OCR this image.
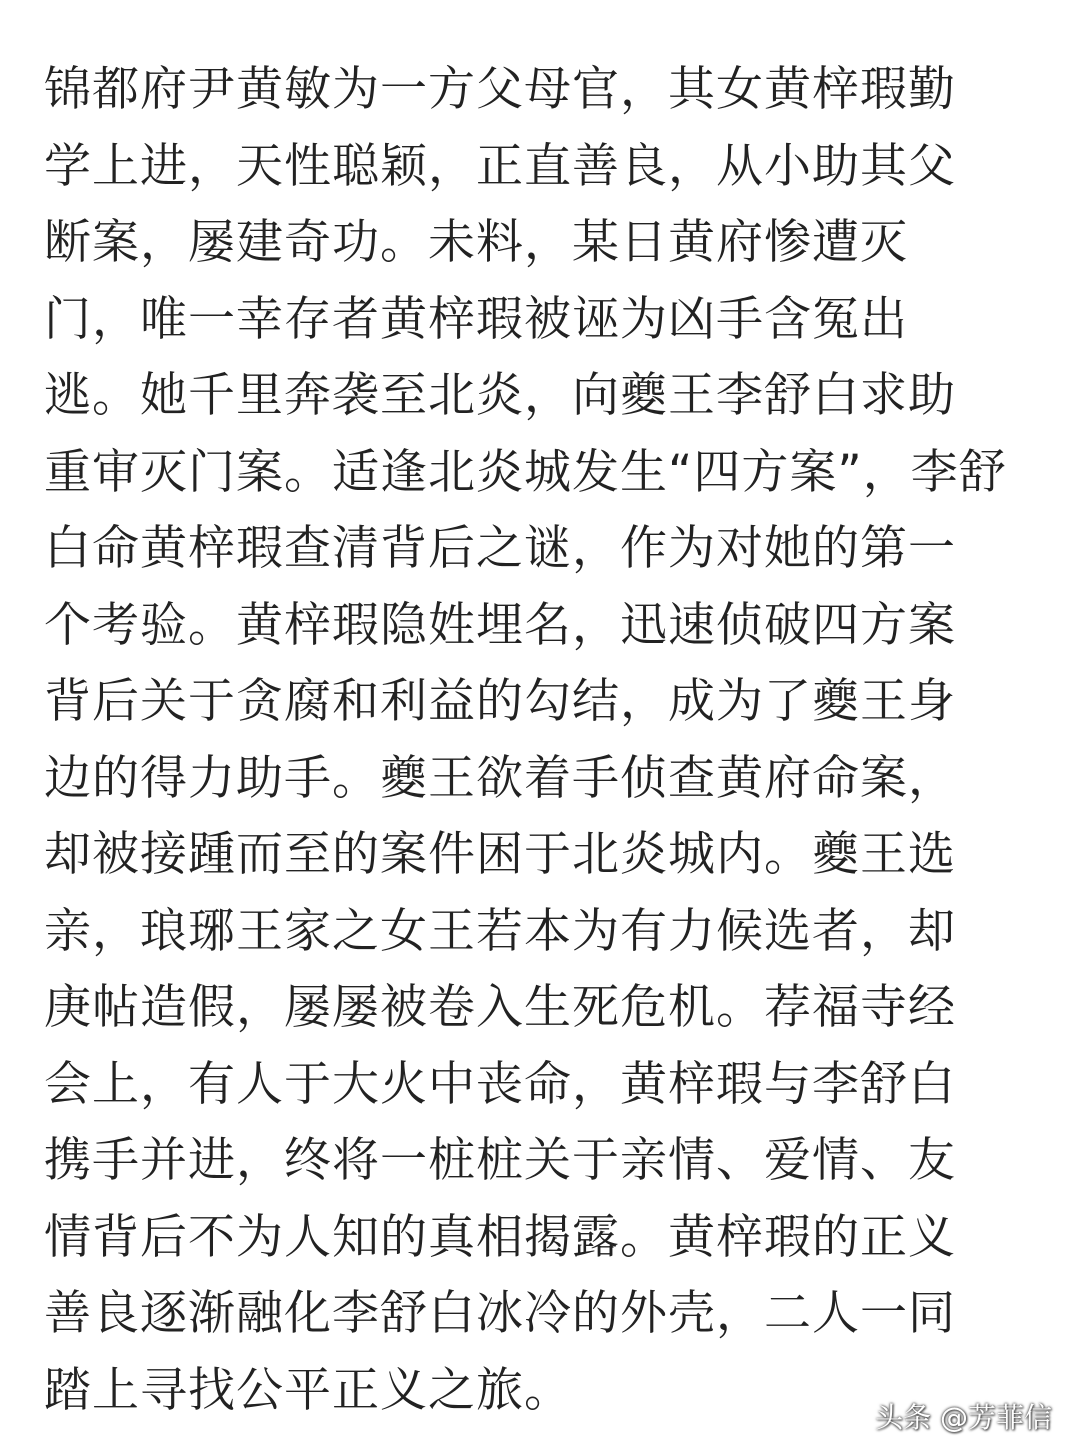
锦都府尹黄敏为一方父母官，其女黄梓瑕勤
学上进，天性聪颖，正直善良，从小助其父
断案，屡建奇功。未料，某日黄府惨遭灭
门，唯一幸存者黄梓瑕被诬为凶手含冤出
逃。她千里奔袭至北炎，向夔王李舒白求助
重审灭门案。适逢北炎城发生“四方案”，李舒
白命黄梓瑕查清背后之谜，作为对她的第一
个考验。黄梓瑕隐姓埋名，迅速侦破四方案
背后关于贪腐和利益的勾结，成为了夔王身
边的得力助手。夔王欲着手侦查黄府命案，
却被接踵而至的案件困于北炎城内。夔王选
亲，琅琊王家之女王若本为有力候选者，却
庚帖造假，屡屡被卷入生死危机。荐福寺经
会上，有人于大火中丧命，黄梓瑕与李舒白
携手并进，终将一桩桩关于亲情、爱情、友
情背后不为人知的真相揭露。黄梓瑕的正义
善良逐渐融化李舒白冰冷的外壳，二人一同
踏上寻找公平正义之旅。	头条 @芳菲信
